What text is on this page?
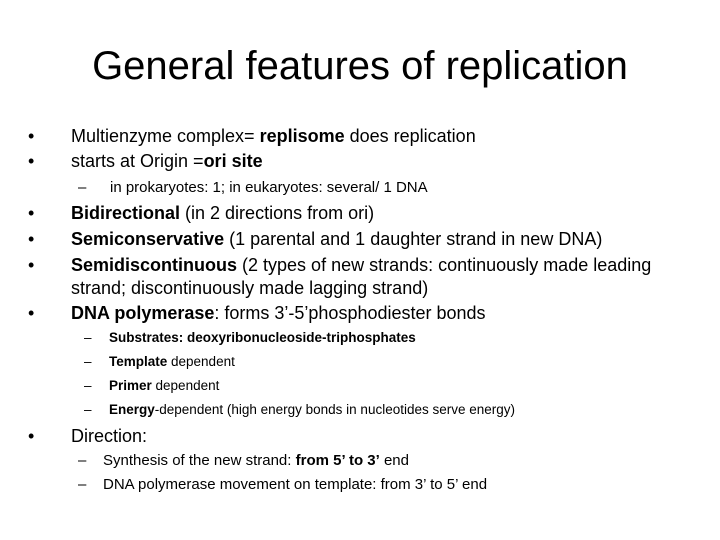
General features of replication
• Multienzyme complex= replisome does replication
• starts at Origin =ori site
– in prokaryotes: 1; in eukaryotes: several/ 1 DNA
• Bidirectional (in 2 directions from ori)
• Semiconservative (1 parental and 1 daughter strand in new DNA)
• Semidiscontinuous (2 types of new strands: continuously made leading strand; discontinuously made lagging strand)
• DNA polymerase: forms 3’-5’phosphodiester bonds
– Substrates: deoxyribonucleoside-triphosphates
– Template dependent
– Primer dependent
– Energy-dependent (high energy bonds in nucleotides serve energy)
• Direction:
– Synthesis of the new strand: from 5’ to 3’ end
– DNA polymerase movement on template: from 3’ to 5’ end
